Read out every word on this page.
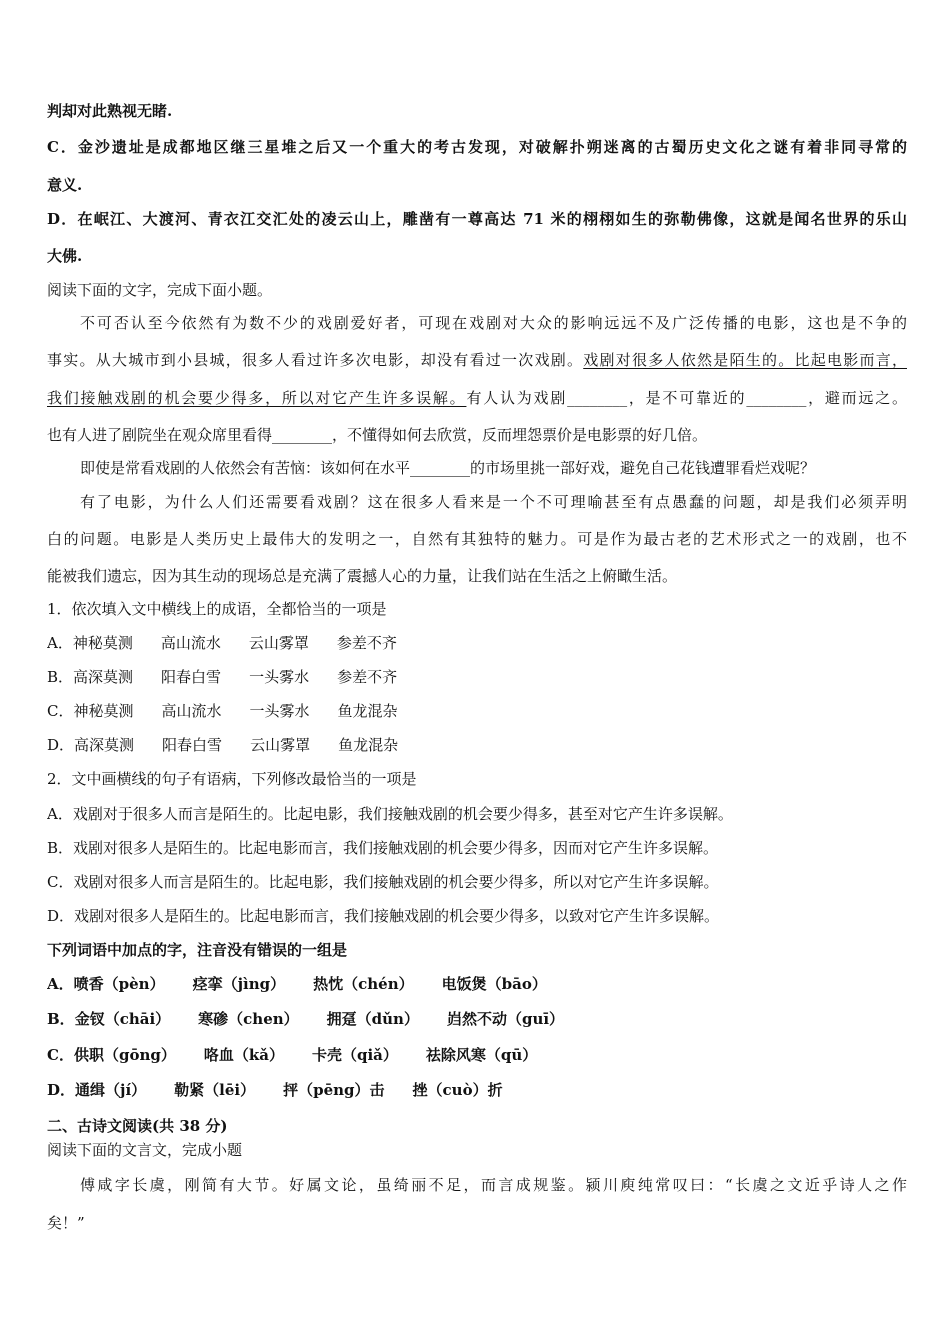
判却对此熟视无睹.
C．金沙遗址是成都地区继三星堆之后又一个重大的考古发现，对破解扑朔迷离的古蜀历史文化之谜有着非同寻常的
意义.
D．在岷江、大渡河、青衣江交汇处的凌云山上，雕凿有一尊高达 71 米的栩栩如生的弥勒佛像，这就是闻名世界的乐山
大佛.
阅读下面的文字，完成下面小题。
不可否认至今依然有为数不少的戏剧爱好者，可现在戏剧对大众的影响远远不及广泛传播的电影，这也是不争的
事实。从大城市到小县城，很多人看过许多次电影，却没有看过一次戏剧。戏剧对很多人依然是陌生的。比起电影而言，
我们接触戏剧的机会要少得多，所以对它产生许多误解。有人认为戏剧________，是不可靠近的________，避而远之。
也有人进了剧院坐在观众席里看得________，不懂得如何去欣赏，反而埋怨票价是电影票的好几倍。
即使是常看戏剧的人依然会有苦恼：该如何在水平________的市场里挑一部好戏，避免自己花钱遭罪看烂戏呢？
有了电影，为什么人们还需要看戏剧？这在很多人看来是一个不可理喻甚至有点愚蠢的问题，却是我们必须弄明
白的问题。电影是人类历史上最伟大的发明之一，自然有其独特的魅力。可是作为最古老的艺术形式之一的戏剧，也不
能被我们遗忘，因为其生动的现场总是充满了震撼人心的力量，让我们站在生活之上俯瞰生活。
1．依次填入文中横线上的成语，全都恰当的一项是
A．神秘莫测 高山流水 云山雾罩 参差不齐
B．高深莫测 阳春白雪 一头雾水 参差不齐
C．神秘莫测 高山流水 一头雾水 鱼龙混杂
D．高深莫测 阳春白雪 云山雾罩 鱼龙混杂
2．文中画横线的句子有语病，下列修改最恰当的一项是
A．戏剧对于很多人而言是陌生的。比起电影，我们接触戏剧的机会要少得多，甚至对它产生许多误解。
B．戏剧对很多人是陌生的。比起电影而言，我们接触戏剧的机会要少得多，因而对它产生许多误解。
C．戏剧对很多人而言是陌生的。比起电影，我们接触戏剧的机会要少得多，所以对它产生许多误解。
D．戏剧对很多人是陌生的。比起电影而言，我们接触戏剧的机会要少得多，以致对它产生许多误解。
下列词语中加点的字，注音没有错误的一组是
A．喷香（pèn） 痉挛（jìng） 热忱（chén） 电饭煲（bāo）
B．金钗（chāi） 寒碜（chen） 拥趸（dǔn） 岿然不动（guī）
C．供职（gōng） 咯血（kǎ） 卡壳（qiǎ） 祛除风寒（qū）
D．通缉（jí） 勒紧（lēi） 抨（pēng）击 挫（cuò）折
二、古诗文阅读(共 38 分)
阅读下面的文言文，完成小题
傅咸字长虞，刚简有大节。好属文论，虽绮丽不足，而言成规鉴。颍川庾纯常叹曰：“长虞之文近乎诗人之作
矣！”
